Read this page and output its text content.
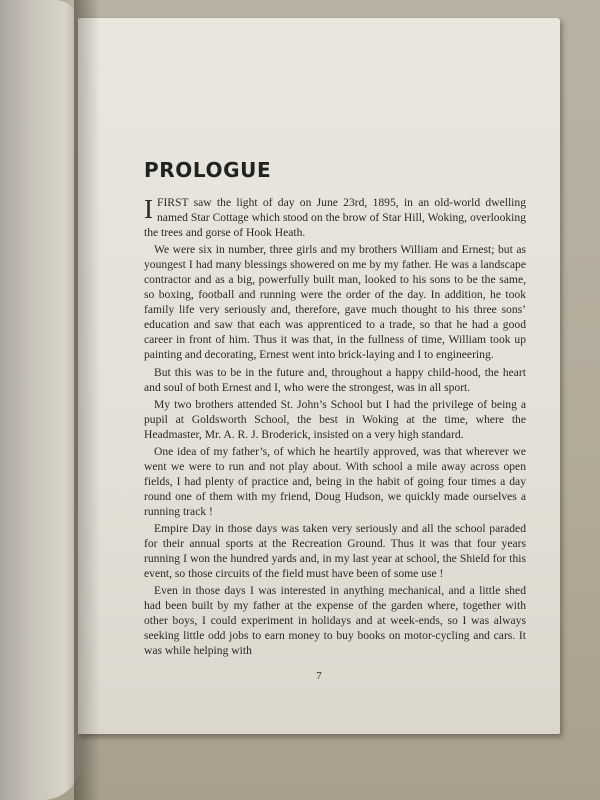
PROLOGUE

IFIRST saw the light of day on June 23rd, 1895, in an old-world dwelling named Star Cottage which stood on the brow of Star Hill, Woking, overlooking the trees and gorse of Hook Heath.

We were six in number, three girls and my brothers William and Ernest; but as youngest I had many blessings showered on me by my father. He was a landscape contractor and as a big, powerfully built man, looked to his sons to be the same, so boxing, football and running were the order of the day. In addition, he took family life very seriously and, therefore, gave much thought to his three sons’ education and saw that each was apprenticed to a trade, so that he had a good career in front of him. Thus it was that, in the fullness of time, William took up painting and decorating, Ernest went into brick-laying and I to engineering.

But this was to be in the future and, throughout a happy child-hood, the heart and soul of both Ernest and I, who were the strongest, was in all sport.

My two brothers attended St. John’s School but I had the privilege of being a pupil at Goldsworth School, the best in Woking at the time, where the Headmaster, Mr. A. R. J. Broderick, insisted on a very high standard.

One idea of my father’s, of which he heartily approved, was that wherever we went we were to run and not play about. With school a mile away across open fields, I had plenty of practice and, being in the habit of going four times a day round one of them with my friend, Doug Hudson, we quickly made ourselves a running track !

Empire Day in those days was taken very seriously and all the school paraded for their annual sports at the Recreation Ground. Thus it was that four years running I won the hundred yards and, in my last year at school, the Shield for this event, so those circuits of the field must have been of some use !

Even in those days I was interested in anything mechanical, and a little shed had been built by my father at the expense of the garden where, together with other boys, I could experiment in holidays and at week-ends, so I was always seeking little odd jobs to earn money to buy books on motor-cycling and cars. It was while helping with

7
